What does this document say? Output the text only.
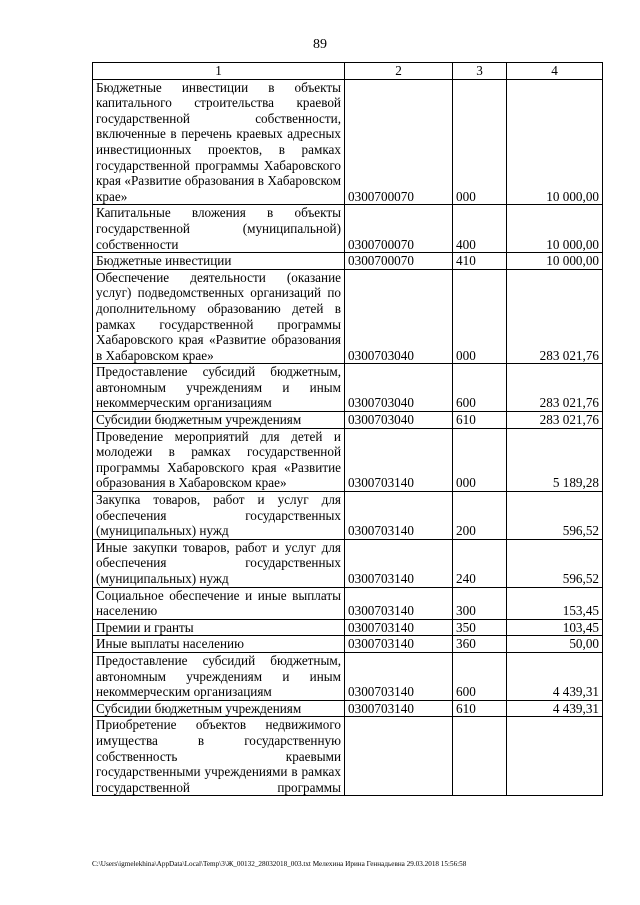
89
1	2	3	4
Бюджетные инвестиции в объекты капитального строительства краевой государственной собственности, включенные в перечень краевых адресных инвестиционных проектов, в рамках государственной программы Хабаровского края «Развитие образования в Хабаровском крае»	0300700070	000	10 000,00
Капитальные вложения в объекты государственной (муниципальной) собственности	0300700070	400	10 000,00
Бюджетные инвестиции	0300700070	410	10 000,00
Обеспечение деятельности (оказание услуг) подведомственных организаций по дополнительному образованию детей в рамках государственной программы Хабаровского края «Развитие образования в Хабаровском крае»	0300703040	000	283 021,76
Предоставление субсидий бюджетным, автономным учреждениям и иным некоммерческим организациям	0300703040	600	283 021,76
Субсидии бюджетным учреждениям	0300703040	610	283 021,76
Проведение мероприятий для детей и молодежи в рамках государственной программы Хабаровского края «Развитие образования в Хабаровском крае»	0300703140	000	5 189,28
Закупка товаров, работ и услуг для обеспечения государственных (муниципальных) нужд	0300703140	200	596,52
Иные закупки товаров, работ и услуг для обеспечения государственных (муниципальных) нужд	0300703140	240	596,52
Социальное обеспечение и иные выплаты населению	0300703140	300	153,45
Премии и гранты	0300703140	350	103,45
Иные выплаты населению	0300703140	360	50,00
Предоставление субсидий бюджетным, автономным учреждениям и иным некоммерческим организациям	0300703140	600	4 439,31
Субсидии бюджетным учреждениям	0300703140	610	4 439,31
Приобретение объектов недвижимого имущества в государственную собственность краевыми государственными учреждениями в рамках государственной программы			
C:\Users\igmelekhina\AppData\Local\Temp\3\Ж_00132_28032018_003.txt Мелехина Ирина Геннадьевна 29.03.2018 15:56:58
